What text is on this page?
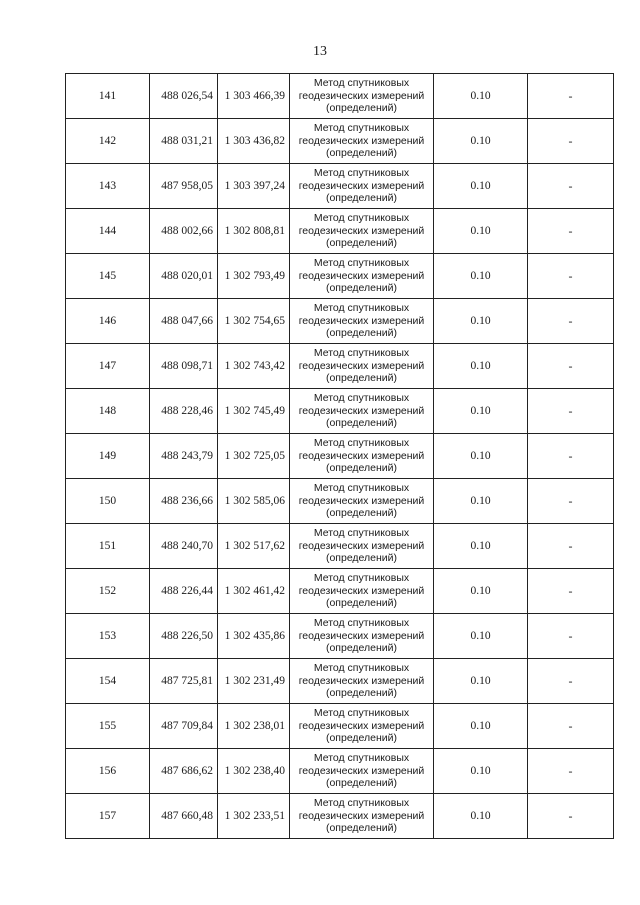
13
141	488 026,54	1 303 466,39	Метод спутниковых
геодезических измерений
(определений)	0.10	-
142	488 031,21	1 303 436,82	Метод спутниковых
геодезических измерений
(определений)	0.10	-
143	487 958,05	1 303 397,24	Метод спутниковых
геодезических измерений
(определений)	0.10	-
144	488 002,66	1 302 808,81	Метод спутниковых
геодезических измерений
(определений)	0.10	-
145	488 020,01	1 302 793,49	Метод спутниковых
геодезических измерений
(определений)	0.10	-
146	488 047,66	1 302 754,65	Метод спутниковых
геодезических измерений
(определений)	0.10	-
147	488 098,71	1 302 743,42	Метод спутниковых
геодезических измерений
(определений)	0.10	-
148	488 228,46	1 302 745,49	Метод спутниковых
геодезических измерений
(определений)	0.10	-
149	488 243,79	1 302 725,05	Метод спутниковых
геодезических измерений
(определений)	0.10	-
150	488 236,66	1 302 585,06	Метод спутниковых
геодезических измерений
(определений)	0.10	-
151	488 240,70	1 302 517,62	Метод спутниковых
геодезических измерений
(определений)	0.10	-
152	488 226,44	1 302 461,42	Метод спутниковых
геодезических измерений
(определений)	0.10	-
153	488 226,50	1 302 435,86	Метод спутниковых
геодезических измерений
(определений)	0.10	-
154	487 725,81	1 302 231,49	Метод спутниковых
геодезических измерений
(определений)	0.10	-
155	487 709,84	1 302 238,01	Метод спутниковых
геодезических измерений
(определений)	0.10	-
156	487 686,62	1 302 238,40	Метод спутниковых
геодезических измерений
(определений)	0.10	-
157	487 660,48	1 302 233,51	Метод спутниковых
геодезических измерений
(определений)	0.10	-
